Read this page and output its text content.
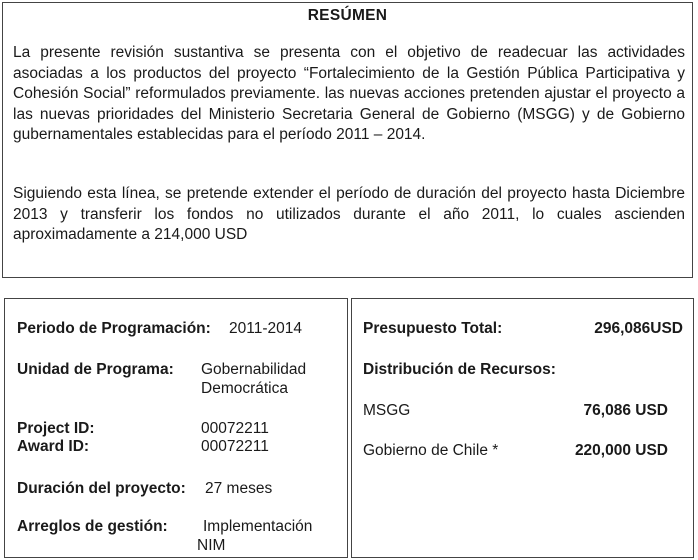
RESÚMEN

La presente revisión sustantiva se presenta con el objetivo de readecuar las actividades asociadas a los productos del proyecto “Fortalecimiento de la Gestión Pública Participativa y Cohesión Social” reformulados previamente. las nuevas acciones pretenden ajustar el proyecto a las nuevas prioridades del Ministerio Secretaria General de Gobierno (MSGG) y de Gobierno gubernamentales establecidas para el período 2011 – 2014.

Siguiendo esta línea, se pretende extender el período de duración del proyecto hasta Diciembre 2013 y transferir los fondos no utilizados durante el año 2011, lo cuales ascienden aproximadamente a 214,000 USD

Periodo de Programación: 2011-2014
Unidad de Programa: Gobernabilidad
Democrática
Project ID:	00072211
Award ID:	00072211
Duración del proyecto: 27 meses
Arreglos de gestión: Implementación
NIM
Presupuesto Total:	296,086USD
Distribución de Recursos:
MSGG	76,086 USD
Gobierno de Chile *	220,000 USD
